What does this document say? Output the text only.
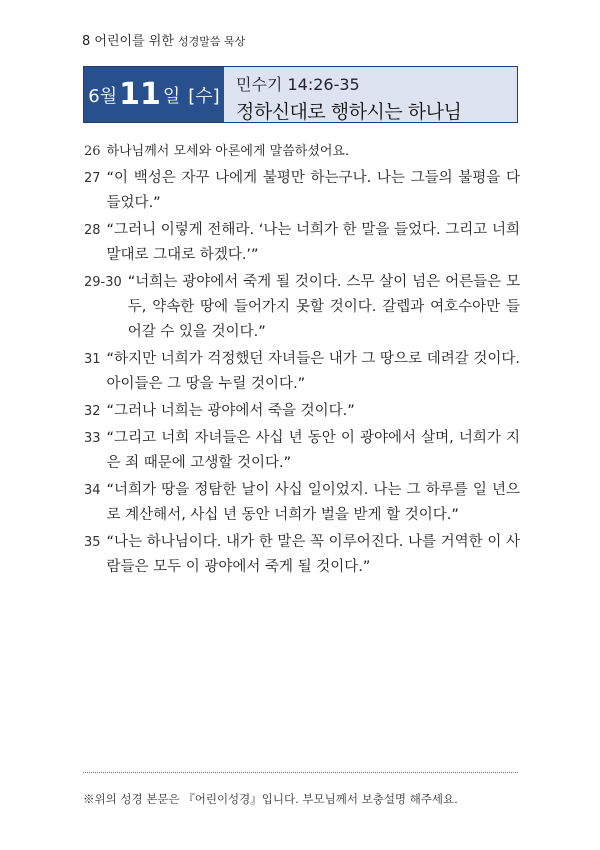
8 어린이를 위한 성경말씀 묵상
6월 11 일 [수]
민수기 14:26-35
정하신대로 행하시는 하나님
26 하나님께서 모세와 아론에게 말씀하셨어요.
27 “이 백성은 자꾸 나에게 불평만 하는구나. 나는 그들의 불평을 다 들었다.”
28 “그러니 이렇게 전해라. ‘나는 너희가 한 말을 들었다. 그리고 너희 말대로 그대로 하겠다.’”
29-30 “너희는 광야에서 죽게 될 것이다. 스무 살이 넘은 어른들은 모두, 약속한 땅에 들어가지 못할 것이다. 갈렙과 여호수아만 들어갈 수 있을 것이다.”
31 “하지만 너희가 걱정했던 자녀들은 내가 그 땅으로 데려갈 것이다. 아이들은 그 땅을 누릴 것이다.”
32 “그러나 너희는 광야에서 죽을 것이다.”
33 “그리고 너희 자녀들은 사십 년 동안 이 광야에서 살며, 너희가 지은 죄 때문에 고생할 것이다.”
34 “너희가 땅을 정탐한 날이 사십 일이었지. 나는 그 하루를 일 년으로 계산해서, 사십 년 동안 너희가 벌을 받게 할 것이다.”
35 “나는 하나님이다. 내가 한 말은 꼭 이루어진다. 나를 거역한 이 사람들은 모두 이 광야에서 죽게 될 것이다.”
※위의 성경 본문은 『어린이성경』입니다. 부모님께서 보충설명 해주세요.
